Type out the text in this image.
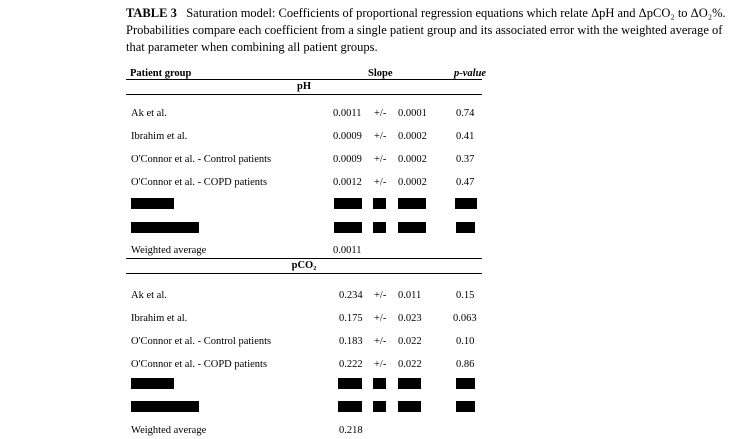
TABLE 3 Saturation model: Coefficients of proportional regression equations which relate ΔpH and ΔpCO₂ to ΔO₂%. Probabilities compare each coefficient from a single patient group and its associated error with the weighted average of that parameter when combining all patient groups.
Patient group	Slope	p-value
pH
Ak et al.	0.0011 +/- 0.0001	0.74
Ibrahim et al.	0.0009 +/- 0.0002	0.41
O'Connor et al. - Control patients	0.0009 +/- 0.0002	0.37
O'Connor et al. - COPD patients	0.0012 +/- 0.0002	0.47
Weighted average	0.0011
pCO₂
Ak et al.	0.234 +/- 0.011	0.15
Ibrahim et al.	0.175 +/- 0.023	0.063
O'Connor et al. - Control patients	0.183 +/- 0.022	0.10
O'Connor et al. - COPD patients	0.222 +/- 0.022	0.86
Weighted average	0.218
